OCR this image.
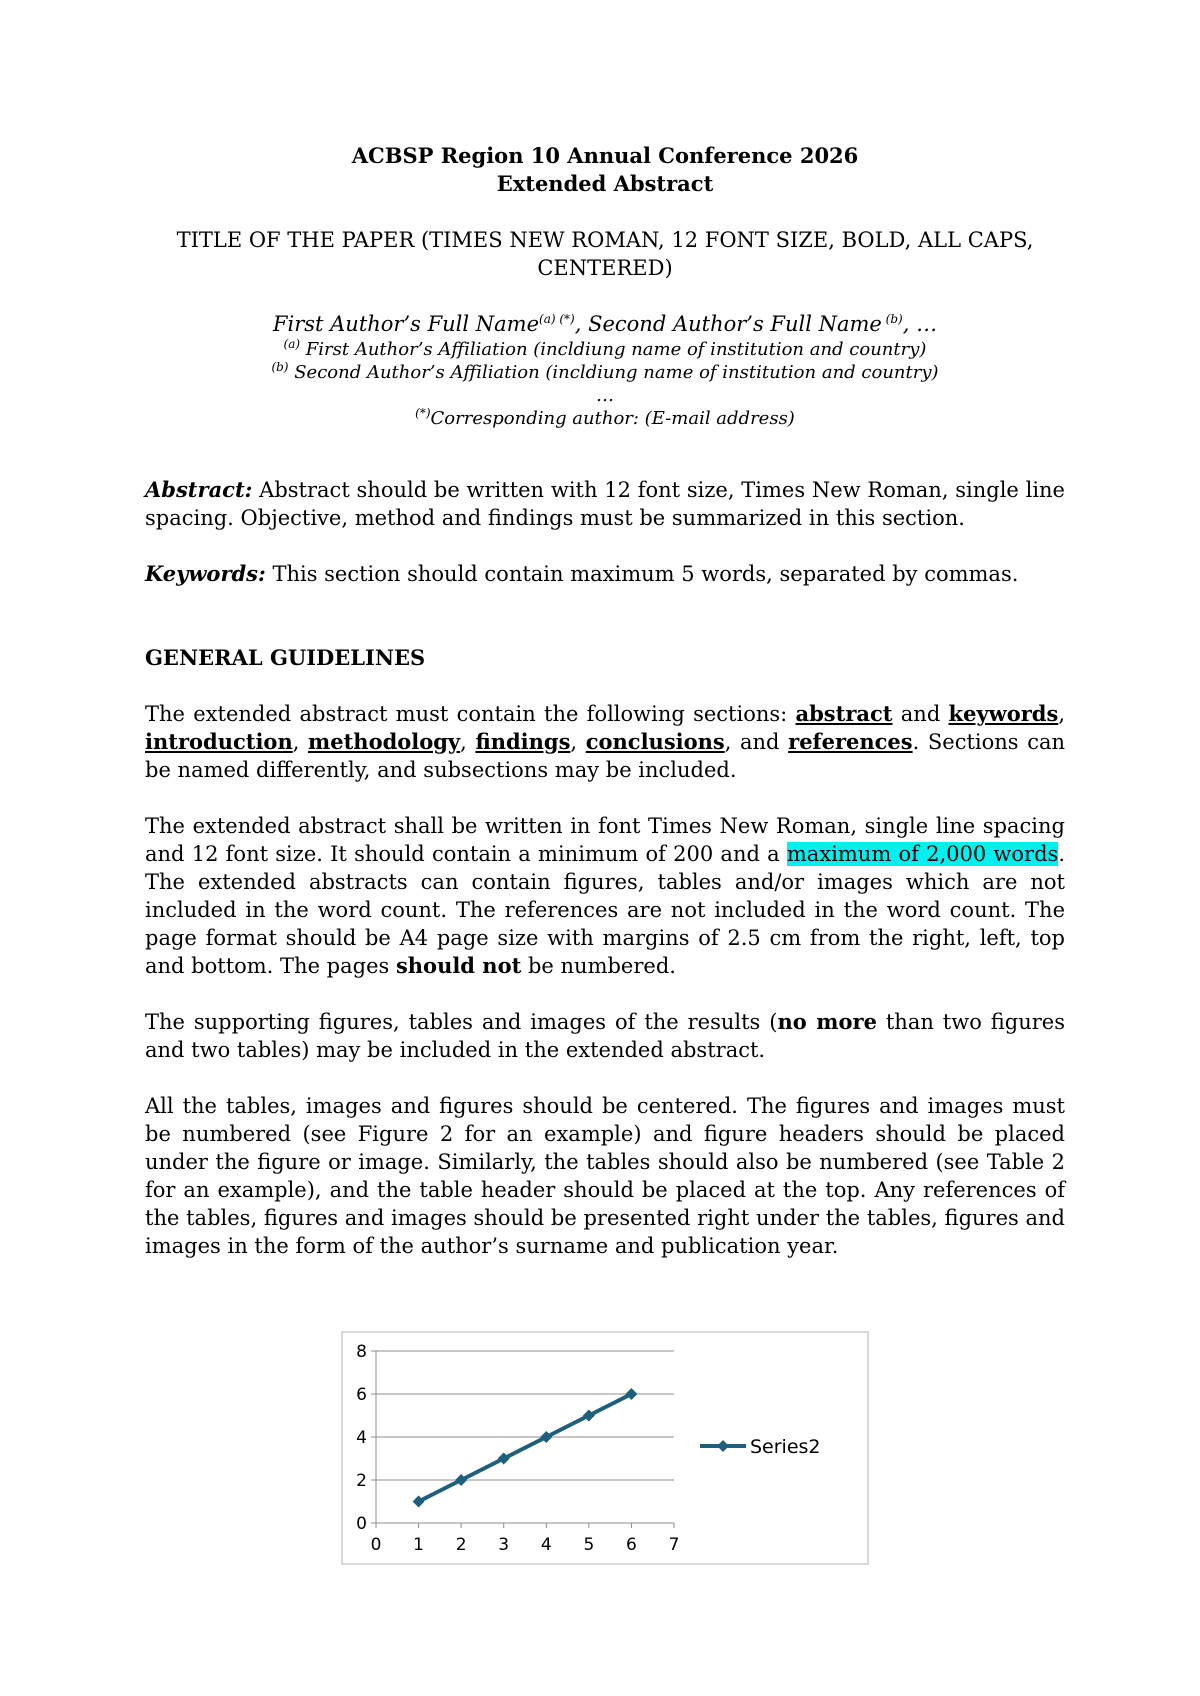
ACBSP Region 10 Annual Conference 2026

Extended Abstract

TITLE OF THE PAPER (TIMES NEW ROMAN, 12 FONT SIZE, BOLD, ALL CAPS,

CENTERED)

First Author’s Full Name$^{(a) (*)}$, Second Author’s Full Name $^{(b)}$, …

$^{(a)}$ First Author’s Affiliation (incldiung name of institution and country)

$^{(b)}$ Second Author’s Affiliation (incldiung name of institution and country)

…

(*)Corresponding author: (E-mail address)

Abstract: Abstract should be written with 12 font size, Times New Roman, single line spacing. Objective, method and findings must be summarized in this section.

Keywords: This section should contain maximum 5 words, separated by commas.

GENERAL GUIDELINES

The extended abstract must contain the following sections: abstract and keywords, introduction, methodology, findings, conclusions, and references. Sections can be named differently, and subsections may be included.

The extended abstract shall be written in font Times New Roman, single line spacing and 12 font size. It should contain a minimum of 200 and a maximum of 2,000 words. The extended abstracts can contain figures, tables and/or images which are not included in the word count. The references are not included in the word count. The page format should be A4 page size with margins of 2.5 cm from the right, left, top and bottom. The pages should not be numbered.

The supporting figures, tables and images of the results (no more than two figures and two tables) may be included in the extended abstract.

All the tables, images and figures should be centered. The figures and images must be numbered (see Figure 2 for an example) and figure headers should be placed under the figure or image. Similarly, the tables should also be numbered (see Table 2 for an example), and the table header should be placed at the top. Any references of the tables, figures and images should be presented right under the tables, figures and images in the form of the author’s surname and publication year.

0
2
4
6
8
0 1 2 3 4 5 6 7
Series2
